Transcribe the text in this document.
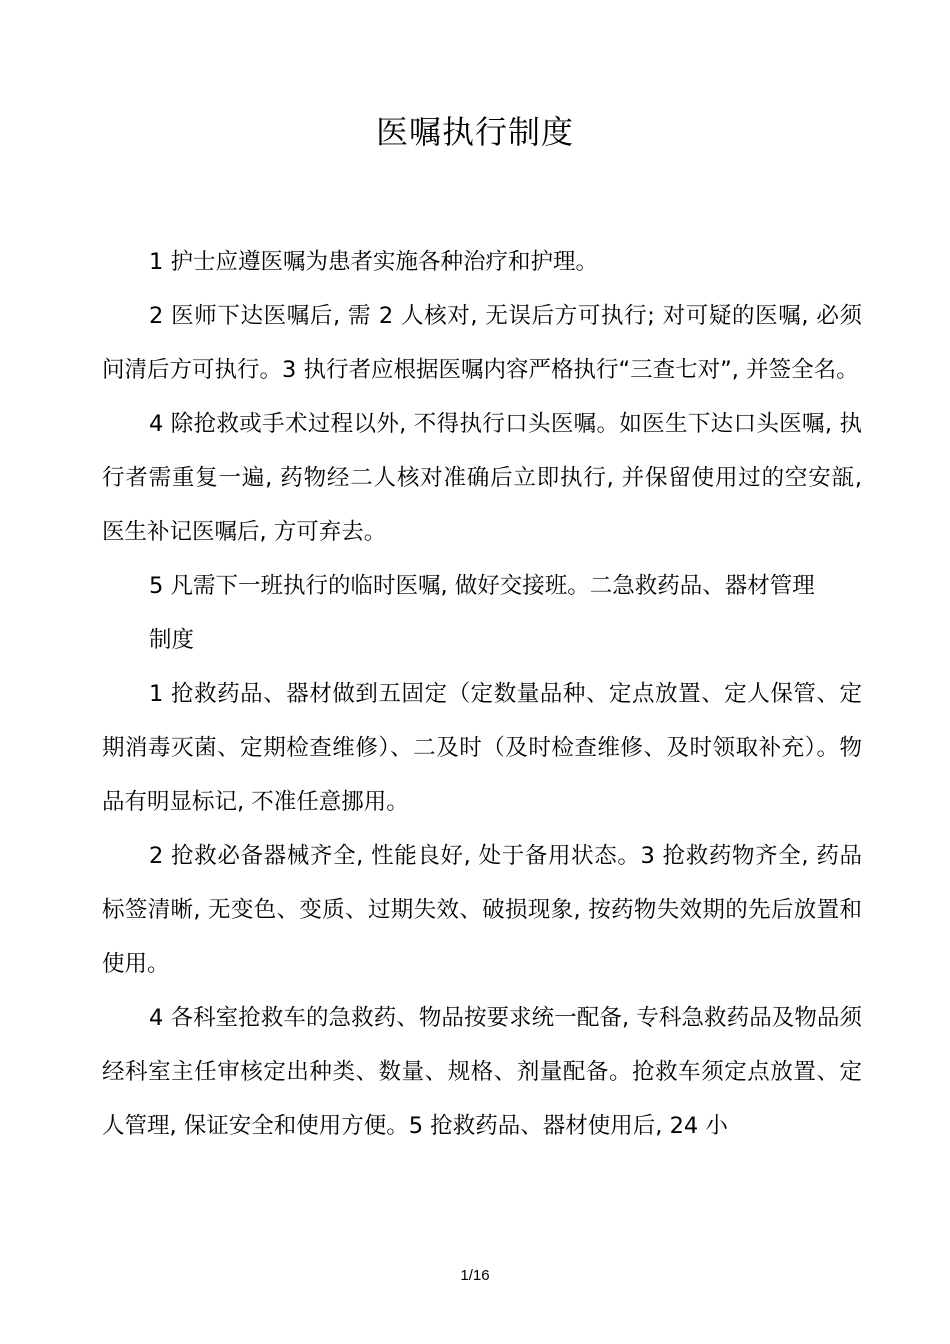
医嘱执行制度

1 护士应遵医嘱为患者实施各种治疗和护理。

2 医师下达医嘱后, 需 2 人核对, 无误后方可执行; 对可疑的医嘱, 必须问清后方可执行。3 执行者应根据医嘱内容严格执行“三查七对”, 并签全名。

4 除抢救或手术过程以外, 不得执行口头医嘱。如医生下达口头医嘱, 执行者需重复一遍, 药物经二人核对准确后立即执行, 并保留使用过的空安瓿, 医生补记医嘱后, 方可弃去。

5 凡需下一班执行的临时医嘱, 做好交接班。二急救药品、器材管理

制度

1 抢救药品、器材做到五固定（定数量品种、定点放置、定人保管、定期消毒灭菌、定期检查维修）、二及时（及时检查维修、及时领取补充）。物品有明显标记, 不准任意挪用。

2 抢救必备器械齐全, 性能良好, 处于备用状态。3 抢救药物齐全, 药品标签清晰, 无变色、变质、过期失效、破损现象, 按药物失效期的先后放置和使用。

4 各科室抢救车的急救药、物品按要求统一配备, 专科急救药品及物品须经科室主任审核定出种类、数量、规格、剂量配备。抢救车须定点放置、定人管理, 保证安全和使用方便。5 抢救药品、器材使用后, 24 小

1/16
